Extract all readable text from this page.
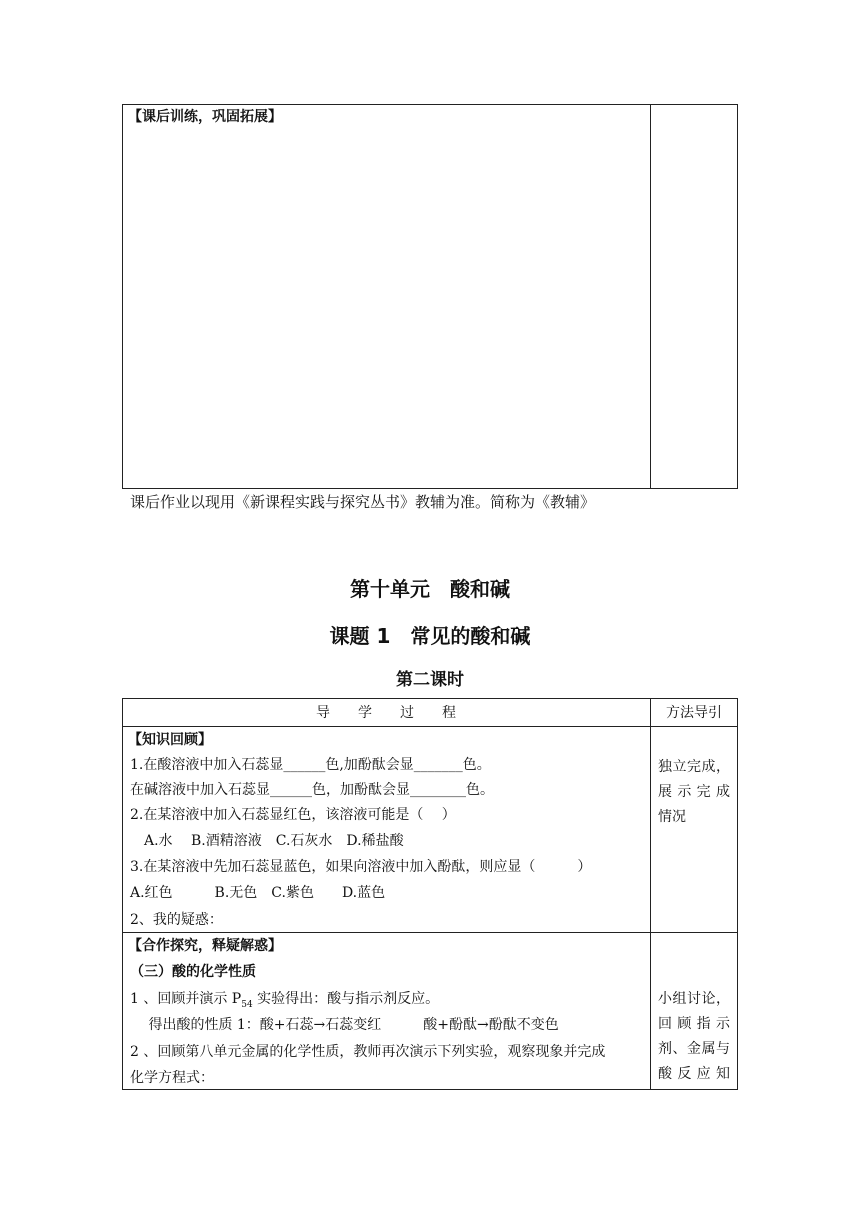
【课后训练，巩固拓展】
课后作业以现用《新课程实践与探究丛书》教辅为准。简称为《教辅》
第十单元　酸和碱
课题 1　常见的酸和碱
第二课时
导　　学　　过　　程	方法导引
【知识回顾】
1.在酸溶液中加入石蕊显______色,加酚酞会显_______色。
在碱溶液中加入石蕊显______色，加酚酞会显________色。
2.在某溶液中加入石蕊显红色，该溶液可能是（　 ）
　A.水　 B.酒精溶液　C.石灰水　D.稀盐酸
3.在某溶液中先加石蕊显蓝色，如果向溶液中加入酚酞，则应显（　　　）
A.红色　　　B.无色　C.紫色　　D.蓝色
2、我的疑惑：
独立完成，
展 示 完 成
情况
【合作探究，释疑解惑】
（三）酸的化学性质
1 、回顾并演示 $P_{54}$ 实验得出：酸与指示剂反应。
　 得出酸的性质 1：酸+石蕊→石蕊变红　　　酸+酚酞→酚酞不变色
2 、回顾第八单元金属的化学性质，教师再次演示下列实验，观察现象并完成
化学方程式：
小组讨论，
回 顾 指 示
剂、金属与
酸 反 应 知
